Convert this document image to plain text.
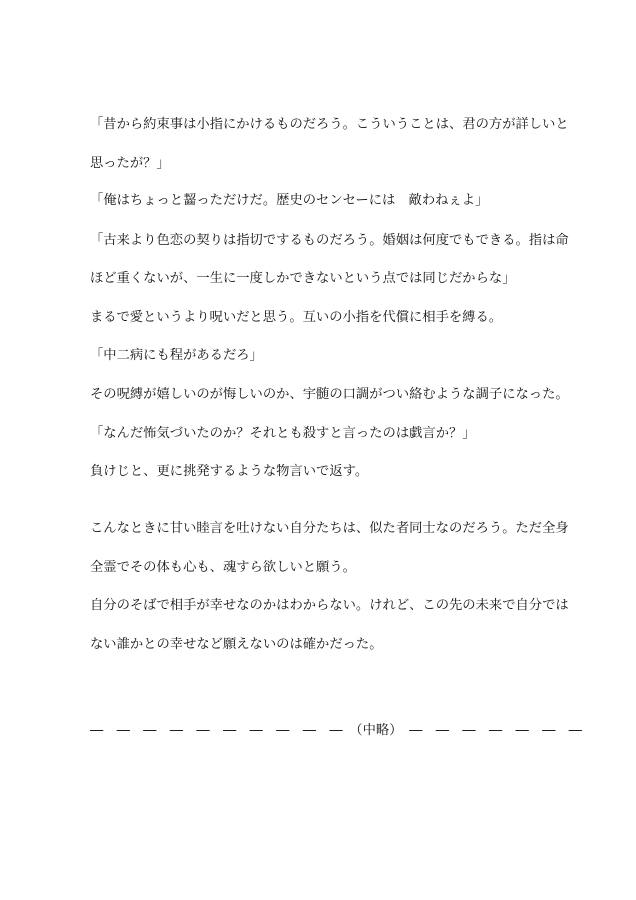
「昔から約束事は小指にかけるものだろう。こういうことは、君の方が詳しいと
思ったが？」
「俺はちょっと齧っただけだ。歴史のセンセーには　敵わねぇよ」
「古来より色恋の契りは指切でするものだろう。婚姻は何度でもできる。指は命
ほど重くないが、一生に一度しかできないという点では同じだからな」
まるで愛というより呪いだと思う。互いの小指を代償に相手を縛る。
「中二病にも程があるだろ」
その呪縛が嬉しいのが悔しいのか、宇髄の口調がつい絡むような調子になった。
「なんだ怖気づいたのか？それとも殺すと言ったのは戯言か？」
負けじと、更に挑発するような物言いで返す。
こんなときに甘い睦言を吐けない自分たちは、似た者同士なのだろう。ただ全身
全霊でその体も心も、魂すら欲しいと願う。
自分のそばで相手が幸せなのかはわからない。けれど、この先の未来で自分では
ない誰かとの幸せなど願えないのは確かだった。
―　―　―　―　―　―　―　―　―　―　（中略）　―　―　―　―　―　―　―
